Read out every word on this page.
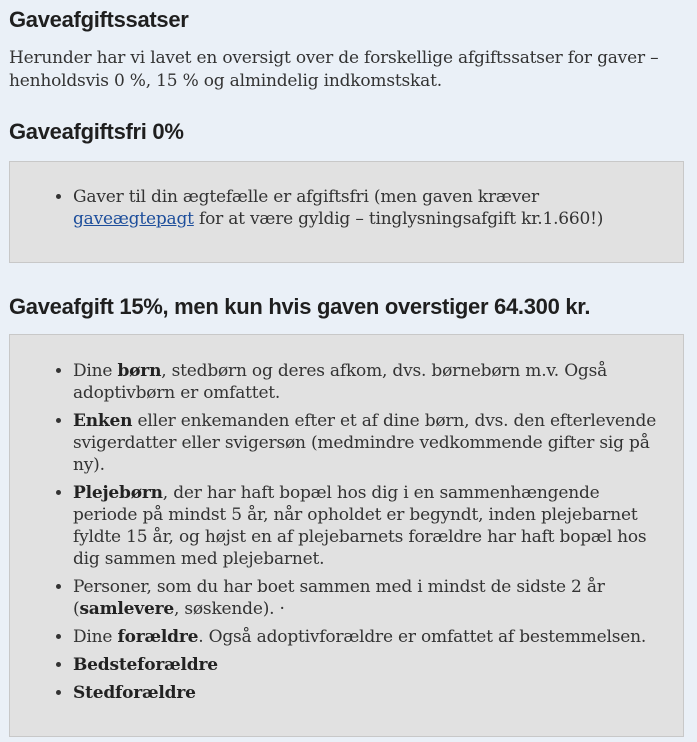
Gaveafgiftssatser

Herunder har vi lavet en oversigt over de forskellige afgiftssatser for gaver – henholdsvis 0 %, 15 % og almindelig indkomstskat.

Gaveafgiftsfri 0%
• Gaver til din ægtefælle er afgiftsfri (men gaven kræver gaveægtepagt for at være gyldig – tinglysningsafgift kr.1.660!)
Gaveafgift 15%, men kun hvis gaven overstiger 64.300 kr.
• Dine børn, stedbørn og deres afkom, dvs. børnebørn m.v. Også adoptivbørn er omfattet.
• Enken eller enkemanden efter et af dine børn, dvs. den efterlevende svigerdatter eller svigersøn (medmindre vedkommende gifter sig på ny).
• Plejebørn, der har haft bopæl hos dig i en sammenhængende periode på mindst 5 år, når opholdet er begyndt, inden plejebarnet fyldte 15 år, og højst en af plejebarnets forældre har haft bopæl hos dig sammen med plejebarnet.
• Personer, som du har boet sammen med i mindst de sidste 2 år (samlevere, søskende). ·
• Dine forældre. Også adoptivforældre er omfattet af bestemmelsen.
• Bedsteforældre
• Stedforældre
